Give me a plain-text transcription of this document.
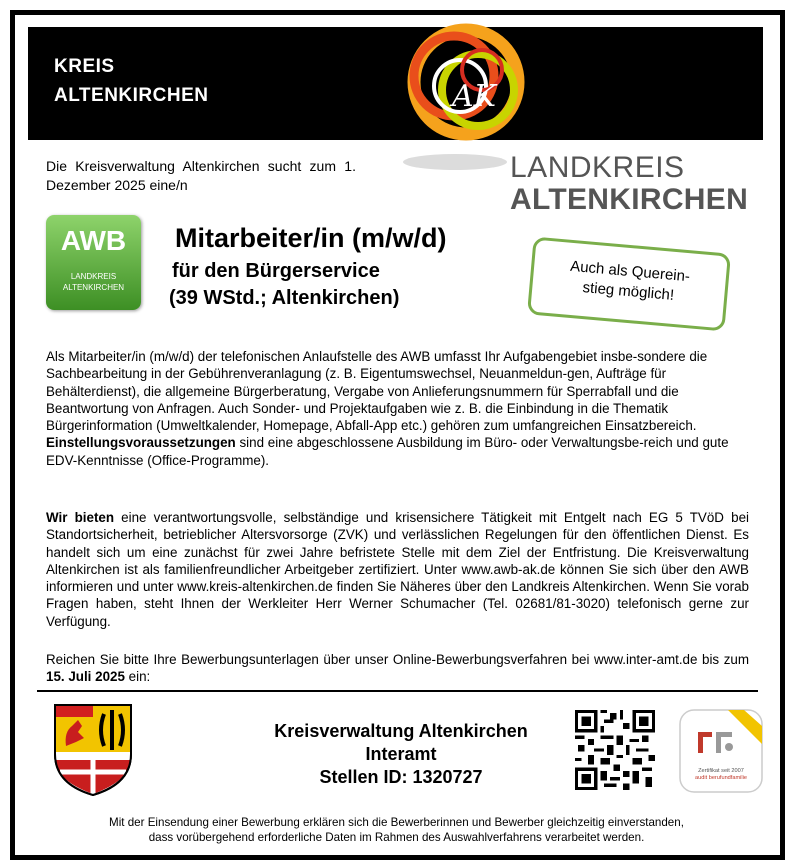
KREIS
ALTENKIRCHEN	AK
LANDKREIS
ALTENKIRCHEN
Die Kreisverwaltung Altenkirchen sucht zum 1. Dezember 2025 eine/n
AWB
LANDKREIS
ALTENKIRCHEN
Mitarbeiter/in (m/w/d)
für den Bürgerservice
(39 WStd.; Altenkirchen)
Auch als Querein-
stieg möglich!
Als Mitarbeiter/in (m/w/d) der telefonischen Anlaufstelle des AWB umfasst Ihr Aufgabengebiet insbe-sondere die Sachbearbeitung in der Gebührenveranlagung (z. B. Eigentumswechsel, Neuanmeldun-gen, Aufträge für Behälterdienst), die allgemeine Bürgerberatung, Vergabe von Anlieferungsnummern für Sperrabfall und die Beantwortung von Anfragen. Auch Sonder- und Projektaufgaben wie z. B. die Einbindung in die Thematik Bürgerinformation (Umweltkalender, Homepage, Abfall-App etc.) gehören zum umfangreichen Einsatzbereich.
Einstellungsvoraussetzungen sind eine abgeschlossene Ausbildung im Büro- oder Verwaltungsbe-reich und gute EDV-Kenntnisse (Office-Programme).
Wir bieten eine verantwortungsvolle, selbständige und krisensichere Tätigkeit mit Entgelt nach EG 5 TVöD bei Standortsicherheit, betrieblicher Altersvorsorge (ZVK) und verlässlichen Regelungen für den öffentlichen Dienst. Es handelt sich um eine zunächst für zwei Jahre befristete Stelle mit dem Ziel der Entfristung. Die Kreisverwaltung Altenkirchen ist als familienfreundlicher Arbeitgeber zertifiziert. Unter www.awb-ak.de können Sie sich über den AWB informieren und unter www.kreis-altenkirchen.de finden Sie Näheres über den Landkreis Altenkirchen. Wenn Sie vorab Fragen haben, steht Ihnen der Werkleiter Herr Werner Schumacher (Tel. 02681/81-3020) telefonisch gerne zur Verfügung.
Reichen Sie bitte Ihre Bewerbungsunterlagen über unser Online-Bewerbungsverfahren bei www.inter-amt.de bis zum 15. Juli 2025 ein:
Kreisverwaltung Altenkirchen
Interamt
Stellen ID: 1320727	Zertifikat seit 2007
audit berufundfamilie
Mit der Einsendung einer Bewerbung erklären sich die Bewerberinnen und Bewerber gleichzeitig einverstanden,
dass vorübergehend erforderliche Daten im Rahmen des Auswahlverfahrens verarbeitet werden.
